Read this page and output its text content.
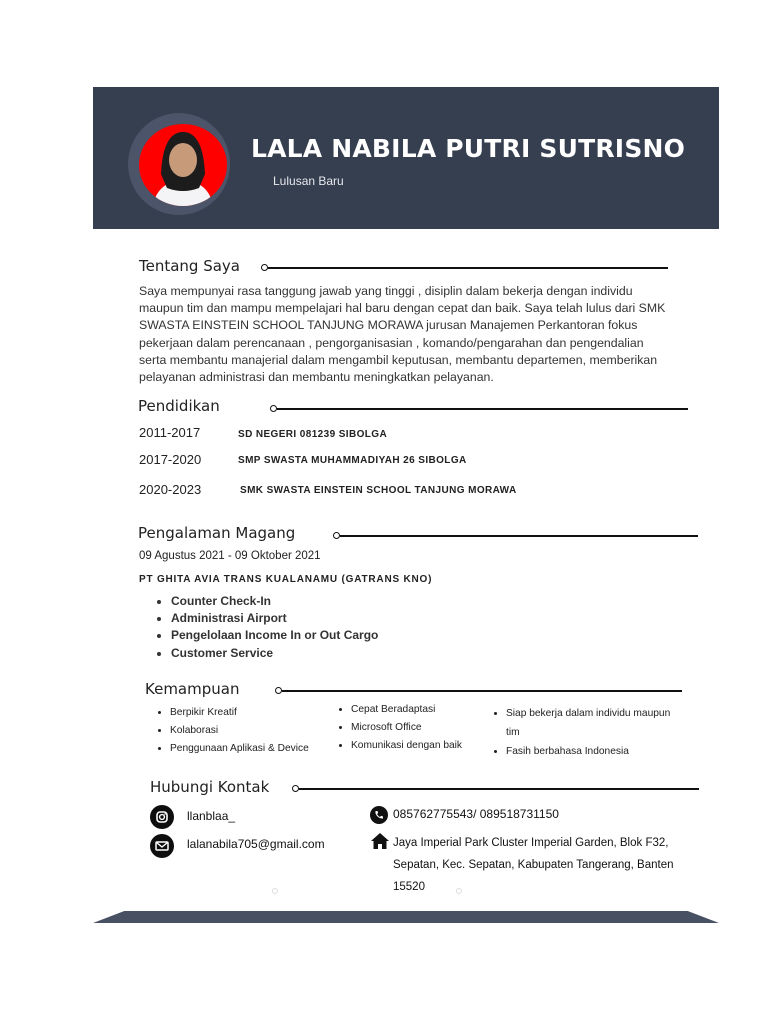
LALA NABILA PUTRI SUTRISNO
Lulusan Baru
Tentang Saya
Saya mempunyai rasa tanggung jawab yang tinggi , disiplin dalam bekerja dengan individu maupun tim dan mampu mempelajari hal baru dengan cepat dan baik. Saya telah lulus dari SMK SWASTA EINSTEIN SCHOOL TANJUNG MORAWA jurusan Manajemen Perkantoran fokus pekerjaan dalam perencanaan , pengorganisasian , komando/pengarahan dan pengendalian serta membantu manajerial dalam mengambil keputusan, membantu departemen, memberikan pelayanan administrasi dan membantu meningkatkan pelayanan.
Pendidikan
2011-2017	SD NEGERI 081239 SIBOLGA
2017-2020	SMP SWASTA MUHAMMADIYAH 26 SIBOLGA
2020-2023	SMK SWASTA EINSTEIN SCHOOL TANJUNG MORAWA
Pengalaman Magang
09 Agustus 2021 - 09 Oktober 2021
PT GHITA AVIA TRANS KUALANAMU (GATRANS KNO)
• Counter Check-In
• Administrasi Airport
• Pengelolaan Income In or Out Cargo
• Customer Service
Kemampuan
• Berpikir Kreatif
• Kolaborasi
• Penggunaan Aplikasi & Device
• Cepat Beradaptasi
• Microsoft Office
• Komunikasi dengan baik
• Siap bekerja dalam individu maupun tim
• Fasih berbahasa Indonesia
Hubungi Kontak
llanblaa_
lalanabila705@gmail.com
085762775543/ 089518731150
Jaya Imperial Park Cluster Imperial Garden, Blok F32, Sepatan, Kec. Sepatan, Kabupaten Tangerang, Banten 15520
